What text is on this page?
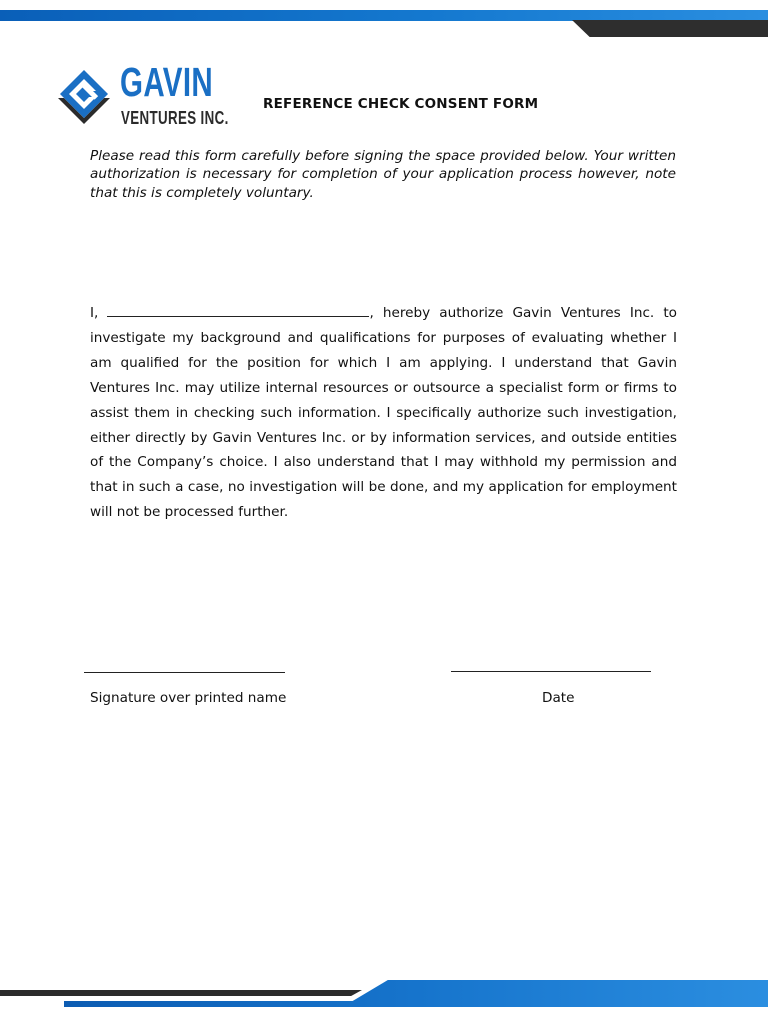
GAVIN
VENTURES INC.
REFERENCE CHECK CONSENT FORM
Please read this form carefully before signing the space provided below. Your written authorization is necessary for completion of your application process however, note that this is completely voluntary.
I,	, hereby authorize Gavin Ventures Inc. to investigate my background and qualifications for purposes of evaluating whether I am qualified for the position for which I am applying. I understand that Gavin Ventures Inc. may utilize internal resources or outsource a specialist form or firms to assist them in checking such information. I specifically authorize such investigation, either directly by Gavin Ventures Inc. or by information services, and outside entities of the Company’s choice. I also understand that I may withhold my permission and that in such a case, no investigation will be done, and my application for employment will not be processed further.
Signature over printed name	Date
